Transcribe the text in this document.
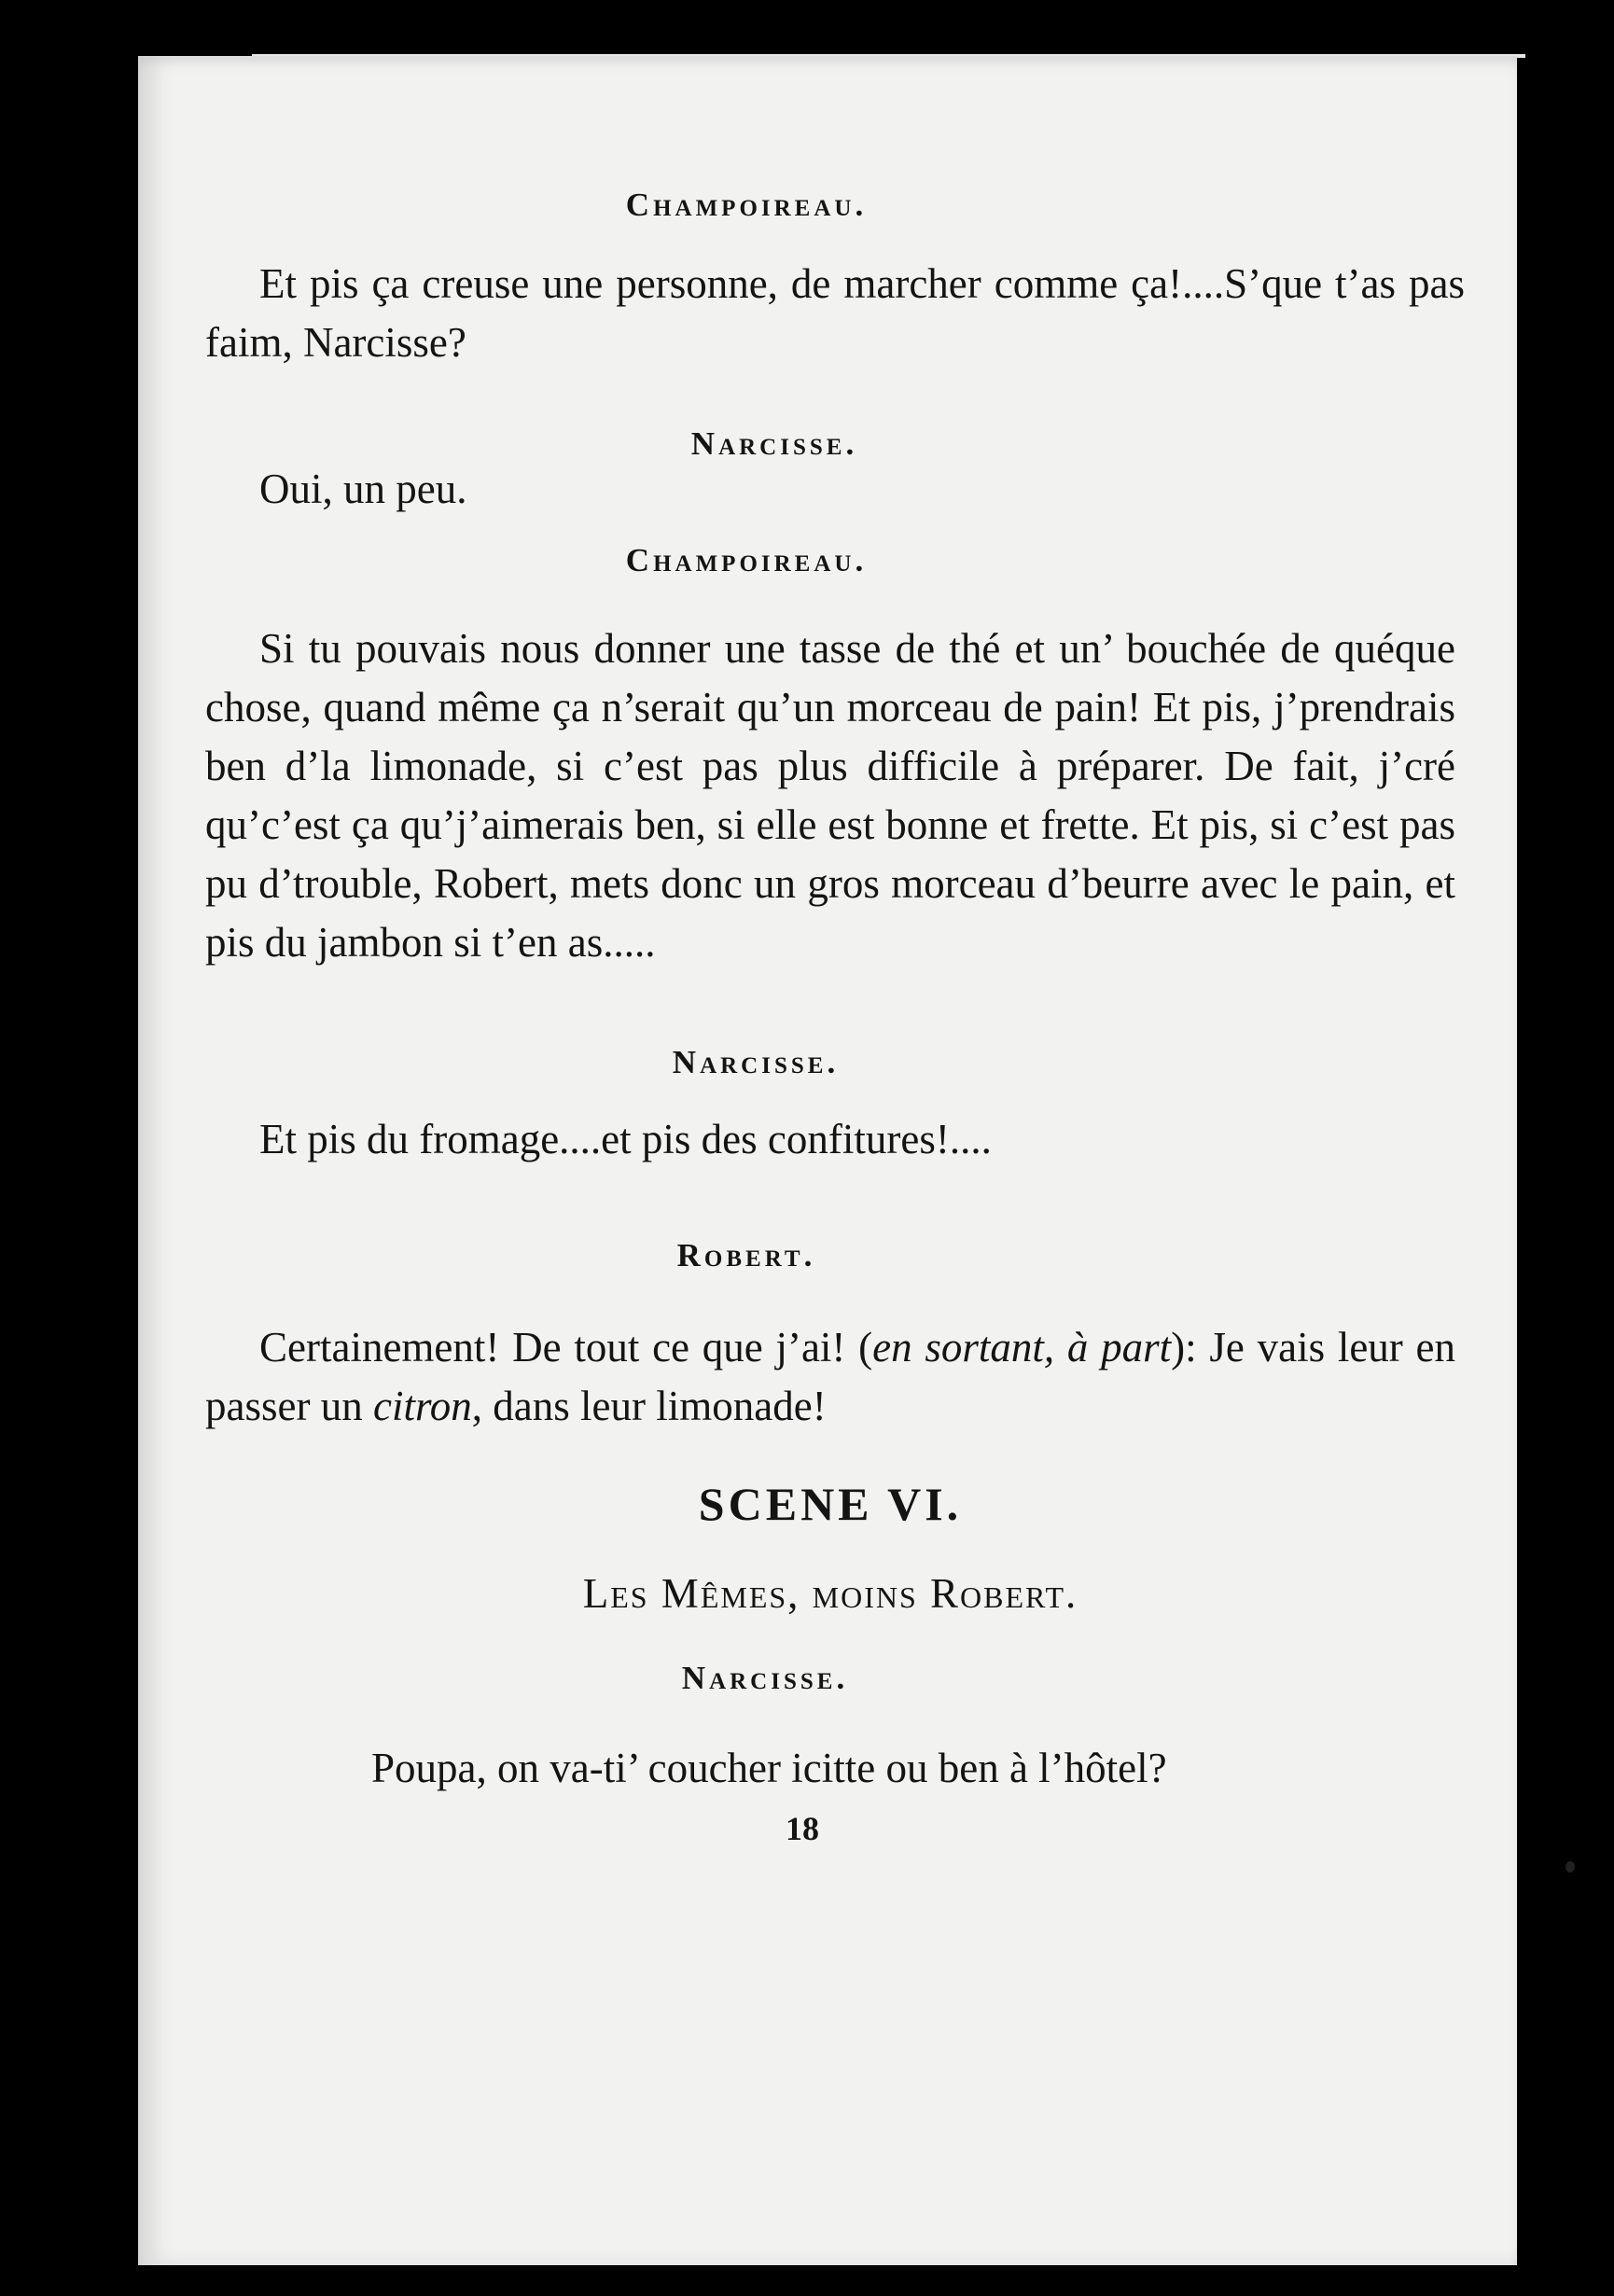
Champoireau.

Et pis ça creuse une personne, de marcher comme ça!....S’que t’as pas faim, Narcisse?

Narcisse.

Oui, un peu.

Champoireau.

Si tu pouvais nous donner une tasse de thé et un’ bouchée de quéque chose, quand même ça n’serait qu’un morceau de pain! Et pis, j’prendrais ben d’la limonade, si c’est pas plus difficile à préparer. De fait, j’cré qu’c’est ça qu’j’aimerais ben, si elle est bonne et frette. Et pis, si c’est pas pu d’trouble, Robert, mets donc un gros morceau d’beurre avec le pain, et pis du jambon si t’en as.....

Narcisse.

Et pis du fromage....et pis des confitures!....

Robert.

Certainement! De tout ce que j’ai! (en sortant, à part): Je vais leur en passer un citron, dans leur limonade!

SCENE VI.

Les Mêmes, moins Robert.

Narcisse.

Poupa, on va-ti’ coucher icitte ou ben à l’hôtel?

18
